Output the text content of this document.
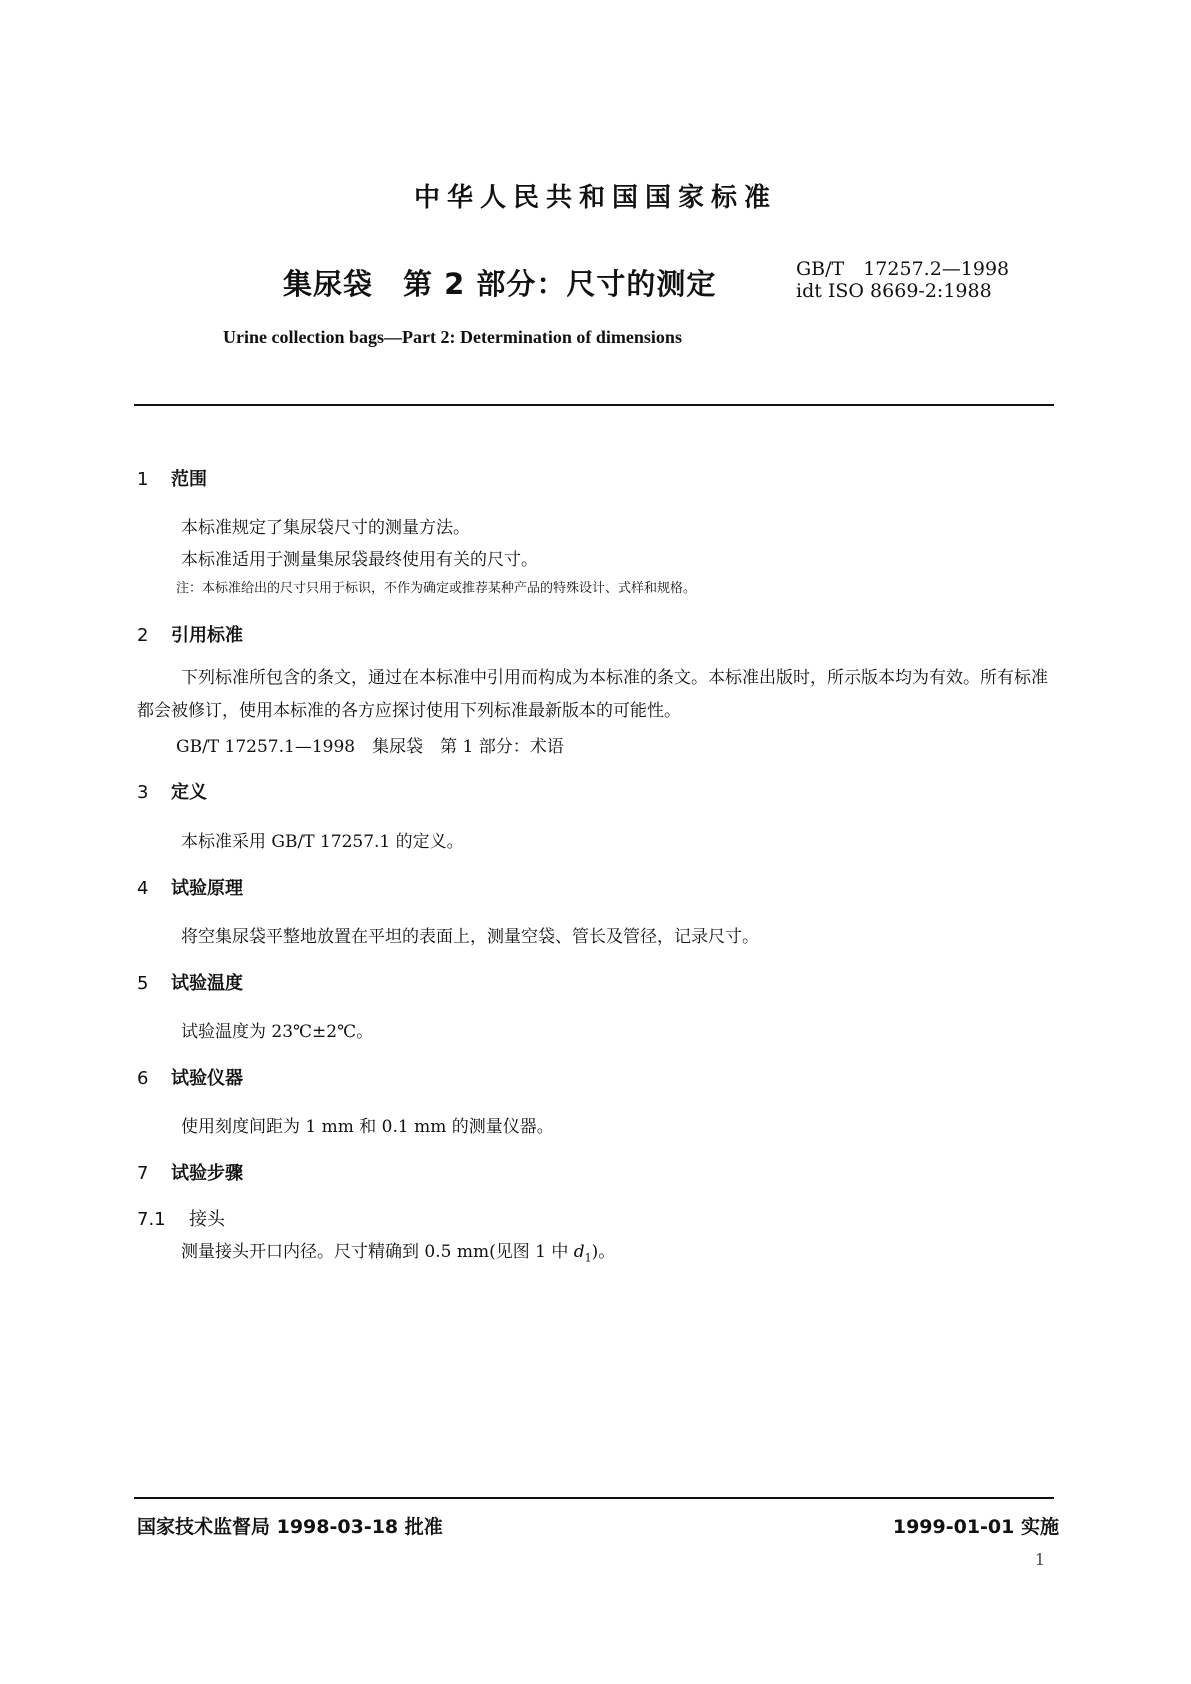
中华人民共和国国家标准
集尿袋　第 2 部分：尺寸的测定	GB/T　17257.2—1998
idt ISO 8669-2:1988
Urine collection bags—Part 2: Determination of dimensions
1 范围
本标准规定了集尿袋尺寸的测量方法。
本标准适用于测量集尿袋最终使用有关的尺寸。
注：本标准给出的尺寸只用于标识，不作为确定或推荐某种产品的特殊设计、式样和规格。
2 引用标准
下列标准所包含的条文，通过在本标准中引用而构成为本标准的条文。本标准出版时，所示版本均为有效。所有标准都会被修订，使用本标准的各方应探讨使用下列标准最新版本的可能性。
GB/T 17257.1—1998　集尿袋　第 1 部分：术语
3 定义
本标准采用 GB/T 17257.1 的定义。
4 试验原理
将空集尿袋平整地放置在平坦的表面上，测量空袋、管长及管径，记录尺寸。
5 试验温度
试验温度为 23℃±2℃。
6 试验仪器
使用刻度间距为 1 mm 和 0.1 mm 的测量仪器。
7 试验步骤
7.1 接头
测量接头开口内径。尺寸精确到 0.5 mm(见图 1 中 $d_1$)。
国家技术监督局 1998-03-18 批准	1999-01-01 实施
1
